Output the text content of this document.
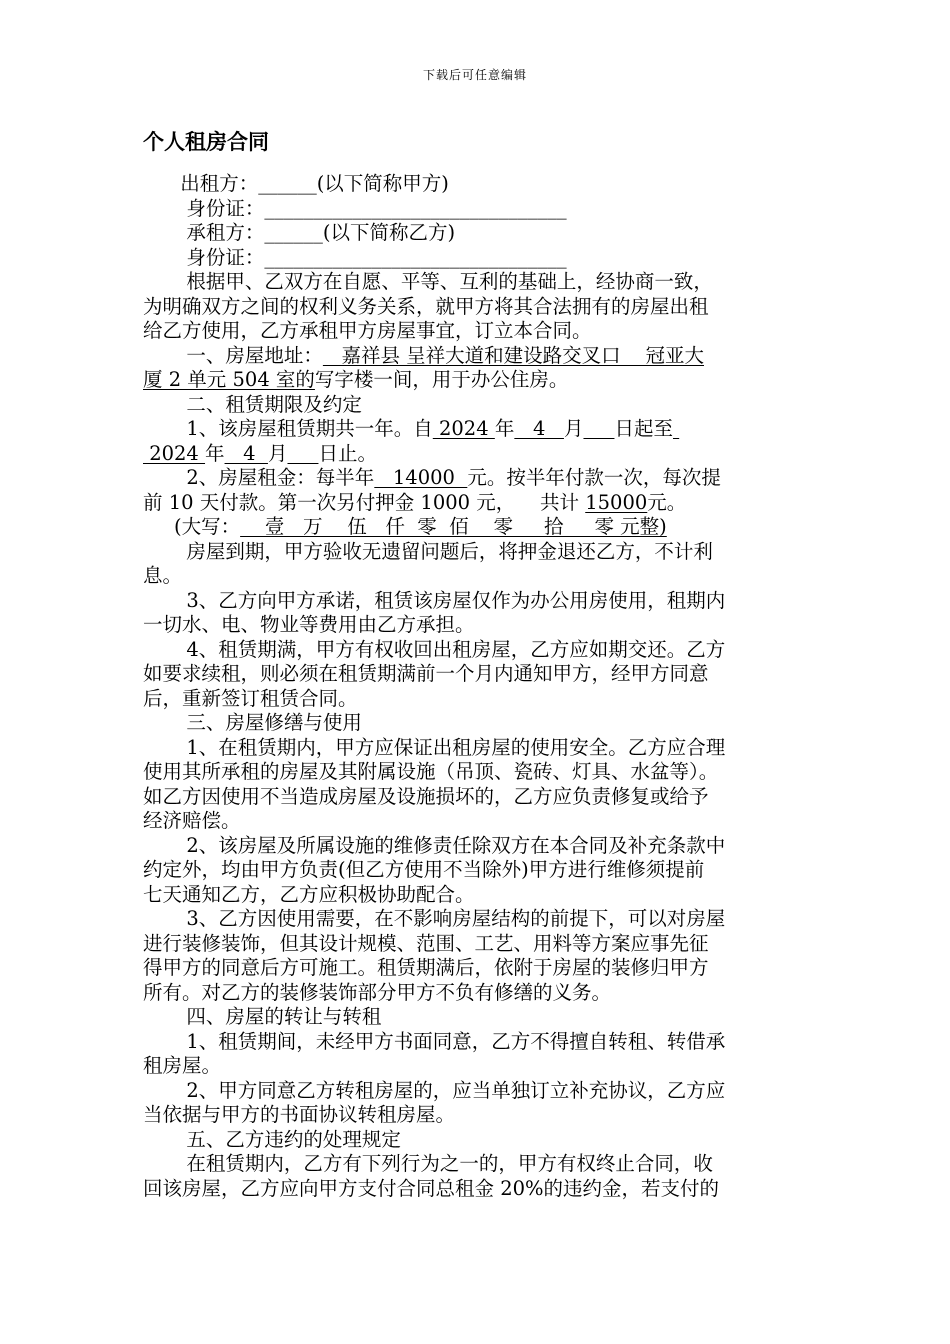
下载后可任意编辑
个人租房合同
出租方：______(以下简称甲方)
身份证：_______________________________
承租方：______(以下简称乙方)
身份证：_______________________________
根据甲、乙双方在自愿、平等、互利的基础上，经协商一致，
为明确双方之间的权利义务关系，就甲方将其合法拥有的房屋出租
给乙方使用，乙方承租甲方房屋事宜，订立本合同。
一、房屋地址：   嘉祥县 呈祥大道和建设路交叉口    冠亚大
厦 2 单元 504 室的写字楼一间，用于办公住房。
二、租赁期限及约定
1、该房屋租赁期共一年。自 2024 年   4   月 日起至
2024 年   4  月 日止。
2、房屋租金：每半年   14000  元。按半年付款一次，每次提
前 10 天付款。第一次另付押金 1000 元，    共计 15000元。
(大写：    壹   万    伍   仟  零  佰    零     拾     零 元整)
房屋到期，甲方验收无遗留问题后，将押金退还乙方，不计利
息。
3、乙方向甲方承诺，租赁该房屋仅作为办公用房使用，租期内
一切水、电、物业等费用由乙方承担。
4、租赁期满，甲方有权收回出租房屋，乙方应如期交还。乙方
如要求续租，则必须在租赁期满前一个月内通知甲方，经甲方同意
后，重新签订租赁合同。
三、房屋修缮与使用
1、在租赁期内，甲方应保证出租房屋的使用安全。乙方应合理
使用其所承租的房屋及其附属设施（吊顶、瓷砖、灯具、水盆等）。
如乙方因使用不当造成房屋及设施损坏的，乙方应负责修复或给予
经济赔偿。
2、该房屋及所属设施的维修责任除双方在本合同及补充条款中
约定外，均由甲方负责(但乙方使用不当除外)甲方进行维修须提前
七天通知乙方，乙方应积极协助配合。
3、乙方因使用需要，在不影响房屋结构的前提下，可以对房屋
进行装修装饰，但其设计规模、范围、工艺、用料等方案应事先征
得甲方的同意后方可施工。租赁期满后，依附于房屋的装修归甲方
所有。对乙方的装修装饰部分甲方不负有修缮的义务。
四、房屋的转让与转租
1、租赁期间，未经甲方书面同意，乙方不得擅自转租、转借承
租房屋。
2、甲方同意乙方转租房屋的，应当单独订立补充协议，乙方应
当依据与甲方的书面协议转租房屋。
五、乙方违约的处理规定
在租赁期内，乙方有下列行为之一的，甲方有权终止合同，收
回该房屋，乙方应向甲方支付合同总租金 20%的违约金，若支付的
